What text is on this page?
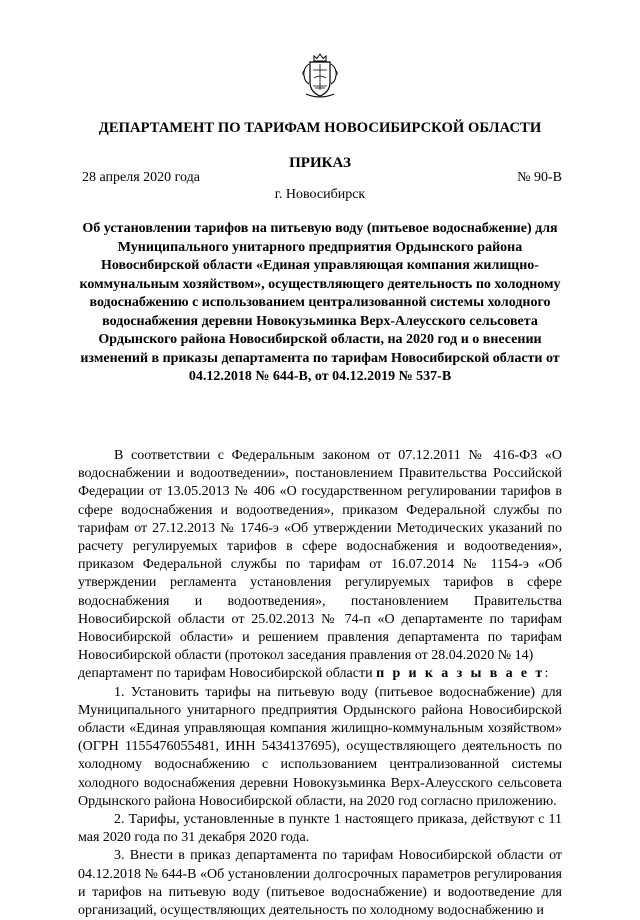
ДЕПАРТАМЕНТ ПО ТАРИФАМ НОВОСИБИРСКОЙ ОБЛАСТИ
ПРИКАЗ
28 апреля 2020 года	№ 90-В
г. Новосибирск
Об установлении тарифов на питьевую воду (питьевое водоснабжение) для Муниципального унитарного предприятия Ордынского района Новосибирской области «Единая управляющая компания жилищно-коммунальным хозяйством», осуществляющего деятельность по холодному водоснабжению с использованием централизованной системы холодного водоснабжения деревни Новокузьминка Верх-Алеусского сельсовета Ордынского района Новосибирской области, на 2020 год и о внесении изменений в приказы департамента по тарифам Новосибирской области от 04.12.2018 № 644-В, от 04.12.2019 № 537-В

В соответствии с Федеральным законом от 07.12.2011 № 416-ФЗ «О водоснабжении и водоотведении», постановлением Правительства Российской Федерации от 13.05.2013 № 406 «О государственном регулировании тарифов в сфере водоснабжения и водоотведения», приказом Федеральной службы по тарифам от 27.12.2013 № 1746-э «Об утверждении Методических указаний по расчету регулируемых тарифов в сфере водоснабжения и водоотведения», приказом Федеральной службы по тарифам от 16.07.2014 № 1154-э «Об утверждении регламента установления регулируемых тарифов в сфере водоснабжения и водоотведения», постановлением Правительства Новосибирской области от 25.02.2013 № 74-п «О департаменте по тарифам Новосибирской области» и решением правления департамента по тарифам Новосибирской области (протокол заседания правления от 28.04.2020 № 14)

департамент по тарифам Новосибирской области п р и к а з ы в а е т:

1. Установить тарифы на питьевую воду (питьевое водоснабжение) для Муниципального унитарного предприятия Ордынского района Новосибирской области «Единая управляющая компания жилищно-коммунальным хозяйством» (ОГРН 1155476055481, ИНН 5434137695), осуществляющего деятельность по холодному водоснабжению с использованием централизованной системы холодного водоснабжения деревни Новокузьминка Верх-Алеусского сельсовета Ордынского района Новосибирской области, на 2020 год согласно приложению.

2. Тарифы, установленные в пункте 1 настоящего приказа, действуют с 11 мая 2020 года по 31 декабря 2020 года.

3. Внести в приказ департамента по тарифам Новосибирской области от 04.12.2018 № 644-В «Об установлении долгосрочных параметров регулирования и тарифов на питьевую воду (питьевое водоснабжение) и водоотведение для организаций, осуществляющих деятельность по холодному водоснабжению и
